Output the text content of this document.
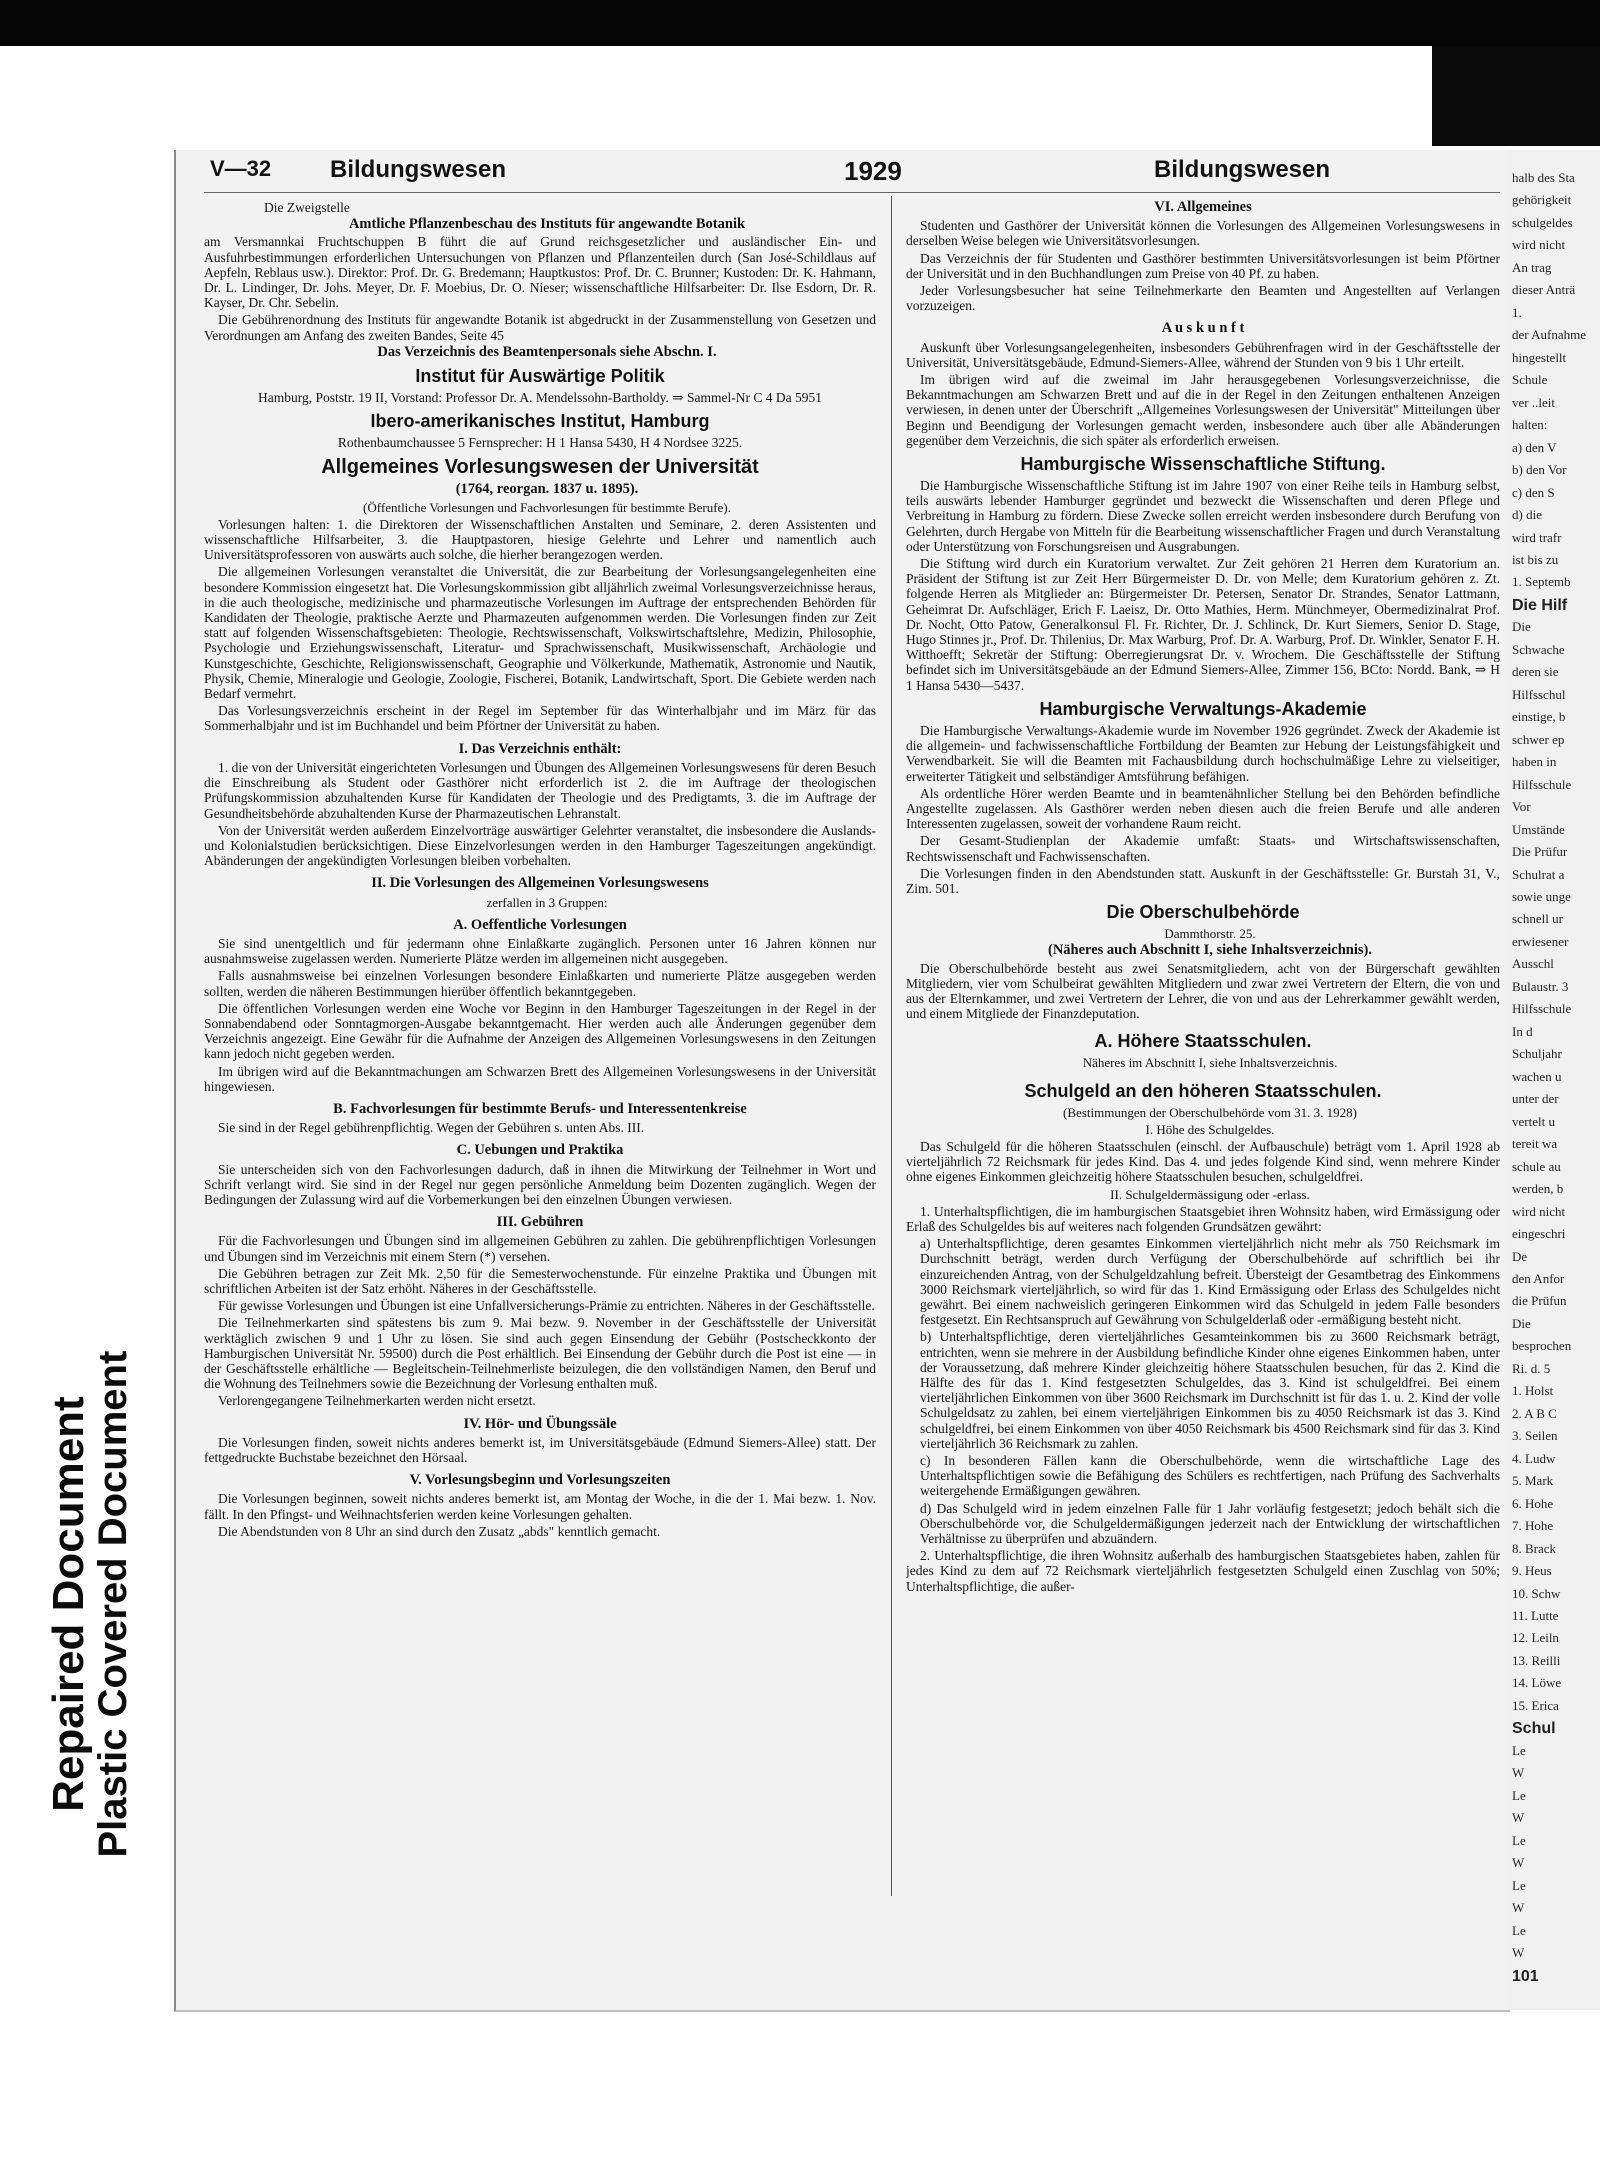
Repaired Document
Plastic Covered Document
V—32 Bildungswesen	1929	Bildungswesen

Die Zweigstelle

Amtliche Pflanzenbeschau des Instituts für angewandte Botanik

am Versmannkai Fruchtschuppen B führt die auf Grund reichsgesetzlicher und ausländischer Ein- und Ausfuhrbestimmungen erforderlichen Untersuchungen von Pflanzen und Pflanzenteilen durch (San José-Schildlaus auf Aepfeln, Reblaus usw.). Direktor: Prof. Dr. G. Bredemann; Hauptkustos: Prof. Dr. C. Brunner; Kustoden: Dr. K. Hahmann, Dr. L. Lindinger, Dr. Johs. Meyer, Dr. F. Moebius, Dr. O. Nieser; wissenschaftliche Hilfsarbeiter: Dr. Ilse Esdorn, Dr. R. Kayser, Dr. Chr. Sebelin.

Die Gebührenordnung des Instituts für angewandte Botanik ist abgedruckt in der Zusammenstellung von Gesetzen und Verordnungen am Anfang des zweiten Bandes, Seite 45

Das Verzeichnis des Beamtenpersonals siehe Abschn. I.

Institut für Auswärtige Politik

Hamburg, Poststr. 19 II, Vorstand: Professor Dr. A. Mendelssohn-Bartholdy. ⇒ Sammel-Nr C 4 Da 5951

Ibero-amerikanisches Institut, Hamburg

Rothenbaumchaussee 5 Fernsprecher: H 1 Hansa 5430, H 4 Nordsee 3225.

Allgemeines Vorlesungswesen der Universität

(1764, reorgan. 1837 u. 1895).

(Öffentliche Vorlesungen und Fachvorlesungen für bestimmte Berufe).

Vorlesungen halten: 1. die Direktoren der Wissenschaftlichen Anstalten und Seminare, 2. deren Assistenten und wissenschaftliche Hilfsarbeiter, 3. die Hauptpastoren, hiesige Gelehrte und Lehrer und namentlich auch Universitätsprofessoren von auswärts auch solche, die hierher berangezogen werden.

Die allgemeinen Vorlesungen veranstaltet die Universität, die zur Bearbeitung der Vorlesungsangelegenheiten eine besondere Kommission eingesetzt hat. Die Vorlesungskommission gibt alljährlich zweimal Vorlesungsverzeichnisse heraus, in die auch theologische, medizinische und pharmazeutische Vorlesungen im Auftrage der entsprechenden Behörden für Kandidaten der Theologie, praktische Aerzte und Pharmazeuten aufgenommen werden. Die Vorlesungen finden zur Zeit statt auf folgenden Wissenschaftsgebieten: Theologie, Rechtswissenschaft, Volkswirtschaftslehre, Medizin, Philosophie, Psychologie und Erziehungswissenschaft, Literatur- und Sprachwissenschaft, Musikwissenschaft, Archäologie und Kunstgeschichte, Geschichte, Religionswissenschaft, Geographie und Völkerkunde, Mathematik, Astronomie und Nautik, Physik, Chemie, Mineralogie und Geologie, Zoologie, Fischerei, Botanik, Landwirtschaft, Sport. Die Gebiete werden nach Bedarf vermehrt.

Das Vorlesungsverzeichnis erscheint in der Regel im September für das Winterhalbjahr und im März für das Sommerhalbjahr und ist im Buchhandel und beim Pförtner der Universität zu haben.

I. Das Verzeichnis enthält:

1. die von der Universität eingerichteten Vorlesungen und Übungen des Allgemeinen Vorlesungswesens für deren Besuch die Einschreibung als Student oder Gasthörer nicht erforderlich ist 2. die im Auftrage der theologischen Prüfungskommission abzuhaltenden Kurse für Kandidaten der Theologie und des Predigtamts, 3. die im Auftrage der Gesundheitsbehörde abzuhaltenden Kurse der Pharmazeutischen Lehranstalt.

Von der Universität werden außerdem Einzelvorträge auswärtiger Gelehrter veranstaltet, die insbesondere die Auslands- und Kolonialstudien berücksichtigen. Diese Einzelvorlesungen werden in den Hamburger Tageszeitungen angekündigt. Abänderungen der angekündigten Vorlesungen bleiben vorbehalten.

II. Die Vorlesungen des Allgemeinen Vorlesungswesens

zerfallen in 3 Gruppen:

A. Oeffentliche Vorlesungen

Sie sind unentgeltlich und für jedermann ohne Einlaßkarte zugänglich. Personen unter 16 Jahren können nur ausnahmsweise zugelassen werden. Numerierte Plätze werden im allgemeinen nicht ausgegeben.

Falls ausnahmsweise bei einzelnen Vorlesungen besondere Einlaßkarten und numerierte Plätze ausgegeben werden sollten, werden die näheren Bestimmungen hierüber öffentlich bekanntgegeben.

Die öffentlichen Vorlesungen werden eine Woche vor Beginn in den Hamburger Tageszeitungen in der Regel in der Sonnabendabend oder Sonntagmorgen-Ausgabe bekanntgemacht. Hier werden auch alle Änderungen gegenüber dem Verzeichnis angezeigt. Eine Gewähr für die Aufnahme der Anzeigen des Allgemeinen Vorlesungswesens in den Zeitungen kann jedoch nicht gegeben werden.

Im übrigen wird auf die Bekanntmachungen am Schwarzen Brett des Allgemeinen Vorlesungswesens in der Universität hingewiesen.

B. Fachvorlesungen für bestimmte Berufs- und Interessentenkreise

Sie sind in der Regel gebührenpflichtig. Wegen der Gebühren s. unten Abs. III.

C. Uebungen und Praktika

Sie unterscheiden sich von den Fachvorlesungen dadurch, daß in ihnen die Mitwirkung der Teilnehmer in Wort und Schrift verlangt wird. Sie sind in der Regel nur gegen persönliche Anmeldung beim Dozenten zugänglich. Wegen der Bedingungen der Zulassung wird auf die Vorbemerkungen bei den einzelnen Übungen verwiesen.

III. Gebühren

Für die Fachvorlesungen und Übungen sind im allgemeinen Gebühren zu zahlen. Die gebührenpflichtigen Vorlesungen und Übungen sind im Verzeichnis mit einem Stern (*) versehen.

Die Gebühren betragen zur Zeit Mk. 2,50 für die Semesterwochenstunde. Für einzelne Praktika und Übungen mit schriftlichen Arbeiten ist der Satz erhöht. Näheres in der Geschäftsstelle.

Für gewisse Vorlesungen und Übungen ist eine Unfallversicherungs-Prämie zu entrichten. Näheres in der Geschäftsstelle.

Die Teilnehmerkarten sind spätestens bis zum 9. Mai bezw. 9. November in der Geschäftsstelle der Universität werktäglich zwischen 9 und 1 Uhr zu lösen. Sie sind auch gegen Einsendung der Gebühr (Postscheckkonto der Hamburgischen Universität Nr. 59500) durch die Post erhältlich. Bei Einsendung der Gebühr durch die Post ist eine — in der Geschäftsstelle erhältliche — Begleitschein-Teilnehmerliste beizulegen, die den vollständigen Namen, den Beruf und die Wohnung des Teilnehmers sowie die Bezeichnung der Vorlesung enthalten muß.

Verlorengegangene Teilnehmerkarten werden nicht ersetzt.

IV. Hör- und Übungssäle

Die Vorlesungen finden, soweit nichts anderes bemerkt ist, im Universitätsgebäude (Edmund Siemers-Allee) statt. Der fettgedruckte Buchstabe bezeichnet den Hörsaal.

V. Vorlesungsbeginn und Vorlesungszeiten

Die Vorlesungen beginnen, soweit nichts anderes bemerkt ist, am Montag der Woche, in die der 1. Mai bezw. 1. Nov. fällt. In den Pfingst- und Weihnachtsferien werden keine Vorlesungen gehalten.

Die Abendstunden von 8 Uhr an sind durch den Zusatz „abds" kenntlich gemacht.

VI. Allgemeines

Studenten und Gasthörer der Universität können die Vorlesungen des Allgemeinen Vorlesungswesens in derselben Weise belegen wie Universitätsvorlesungen.

Das Verzeichnis der für Studenten und Gasthörer bestimmten Universitätsvorlesungen ist beim Pförtner der Universität und in den Buchhandlungen zum Preise von 40 Pf. zu haben.

Jeder Vorlesungsbesucher hat seine Teilnehmerkarte den Beamten und Angestellten auf Verlangen vorzuzeigen.

A u s k u n f t

Auskunft über Vorlesungsangelegenheiten, insbesonders Gebührenfragen wird in der Geschäftsstelle der Universität, Universitätsgebäude, Edmund-Siemers-Allee, während der Stunden von 9 bis 1 Uhr erteilt.

Im übrigen wird auf die zweimal im Jahr herausgegebenen Vorlesungsverzeichnisse, die Bekanntmachungen am Schwarzen Brett und auf die in der Regel in den Zeitungen enthaltenen Anzeigen verwiesen, in denen unter der Überschrift „Allgemeines Vorlesungswesen der Universität" Mitteilungen über Beginn und Beendigung der Vorlesungen gemacht werden, insbesondere auch über alle Abänderungen gegenüber dem Verzeichnis, die sich später als erforderlich erweisen.

Hamburgische Wissenschaftliche Stiftung.

Die Hamburgische Wissenschaftliche Stiftung ist im Jahre 1907 von einer Reihe teils in Hamburg selbst, teils auswärts lebender Hamburger gegründet und bezweckt die Wissenschaften und deren Pflege und Verbreitung in Hamburg zu fördern. Diese Zwecke sollen erreicht werden insbesondere durch Berufung von Gelehrten, durch Hergabe von Mitteln für die Bearbeitung wissenschaftlicher Fragen und durch Veranstaltung oder Unterstützung von Forschungsreisen und Ausgrabungen.

Die Stiftung wird durch ein Kuratorium verwaltet. Zur Zeit gehören 21 Herren dem Kuratorium an. Präsident der Stiftung ist zur Zeit Herr Bürgermeister D. Dr. von Melle; dem Kuratorium gehören z. Zt. folgende Herren als Mitglieder an: Bürgermeister Dr. Petersen, Senator Dr. Strandes, Senator Lattmann, Geheimrat Dr. Aufschläger, Erich F. Laeisz, Dr. Otto Mathies, Herm. Münchmeyer, Obermedizinalrat Prof. Dr. Nocht, Otto Patow, Generalkonsul Fl. Fr. Richter, Dr. J. Schlinck, Dr. Kurt Siemers, Senior D. Stage, Hugo Stinnes jr., Prof. Dr. Thilenius, Dr. Max Warburg, Prof. Dr. A. Warburg, Prof. Dr. Winkler, Senator F. H. Witthoefft; Sekretär der Stiftung: Oberregierungsrat Dr. v. Wrochem. Die Geschäftsstelle der Stiftung befindet sich im Universitätsgebäude an der Edmund Siemers-Allee, Zimmer 156, BCto: Nordd. Bank, ⇒ H 1 Hansa 5430—5437.

Hamburgische Verwaltungs-Akademie

Die Hamburgische Verwaltungs-Akademie wurde im November 1926 gegründet. Zweck der Akademie ist die allgemein- und fachwissenschaftliche Fortbildung der Beamten zur Hebung der Leistungsfähigkeit und Verwendbarkeit. Sie will die Beamten mit Fachausbildung durch hochschulmäßige Lehre zu vielseitiger, erweiterter Tätigkeit und selbständiger Amtsführung befähigen.

Als ordentliche Hörer werden Beamte und in beamtenähnlicher Stellung bei den Behörden befindliche Angestellte zugelassen. Als Gasthörer werden neben diesen auch die freien Berufe und alle anderen Interessenten zugelassen, soweit der vorhandene Raum reicht.

Der Gesamt-Studienplan der Akademie umfaßt: Staats- und Wirtschaftswissenschaften, Rechtswissenschaft und Fachwissenschaften.

Die Vorlesungen finden in den Abendstunden statt. Auskunft in der Geschäftsstelle: Gr. Burstah 31, V., Zim. 501.

Die Oberschulbehörde

Dammthorstr. 25.

(Näheres auch Abschnitt I, siehe Inhaltsverzeichnis).

Die Oberschulbehörde besteht aus zwei Senatsmitgliedern, acht von der Bürgerschaft gewählten Mitgliedern, vier vom Schulbeirat gewählten Mitgliedern und zwar zwei Vertretern der Eltern, die von und aus der Elternkammer, und zwei Vertretern der Lehrer, die von und aus der Lehrerkammer gewählt werden, und einem Mitgliede der Finanzdeputation.

A. Höhere Staatsschulen.

Näheres im Abschnitt I, siehe Inhaltsverzeichnis.

Schulgeld an den höheren Staatsschulen.

(Bestimmungen der Oberschulbehörde vom 31. 3. 1928)

I. Höhe des Schulgeldes.

Das Schulgeld für die höheren Staatsschulen (einschl. der Aufbauschule) beträgt vom 1. April 1928 ab vierteljährlich 72 Reichsmark für jedes Kind. Das 4. und jedes folgende Kind sind, wenn mehrere Kinder ohne eigenes Einkommen gleichzeitig höhere Staatsschulen besuchen, schulgeldfrei.

II. Schulgeldermässigung oder -erlass.

1. Unterhaltspflichtigen, die im hamburgischen Staatsgebiet ihren Wohnsitz haben, wird Ermässigung oder Erlaß des Schulgeldes bis auf weiteres nach folgenden Grundsätzen gewährt:

a) Unterhaltspflichtige, deren gesamtes Einkommen vierteljährlich nicht mehr als 750 Reichsmark im Durchschnitt beträgt, werden durch Verfügung der Oberschulbehörde auf schriftlich bei ihr einzureichenden Antrag, von der Schulgeldzahlung befreit. Übersteigt der Gesamtbetrag des Einkommens 3000 Reichsmark vierteljährlich, so wird für das 1. Kind Ermässigung oder Erlass des Schulgeldes nicht gewährt. Bei einem nachweislich geringeren Einkommen wird das Schulgeld in jedem Falle besonders festgesetzt. Ein Rechtsanspruch auf Gewährung von Schulgelderlaß oder -ermäßigung besteht nicht.

b) Unterhaltspflichtige, deren vierteljährliches Gesamteinkommen bis zu 3600 Reichsmark beträgt, entrichten, wenn sie mehrere in der Ausbildung befindliche Kinder ohne eigenes Einkommen haben, unter der Voraussetzung, daß mehrere Kinder gleichzeitig höhere Staatsschulen besuchen, für das 2. Kind die Hälfte des für das 1. Kind festgesetzten Schulgeldes, das 3. Kind ist schulgeldfrei. Bei einem vierteljährlichen Einkommen von über 3600 Reichsmark im Durchschnitt ist für das 1. u. 2. Kind der volle Schulgeldsatz zu zahlen, bei einem vierteljährigen Einkommen bis zu 4050 Reichsmark ist das 3. Kind schulgeldfrei, bei einem Einkommen von über 4050 Reichsmark bis 4500 Reichsmark sind für das 3. Kind vierteljährlich 36 Reichsmark zu zahlen.

c) In besonderen Fällen kann die Oberschulbehörde, wenn die wirtschaftliche Lage des Unterhaltspflichtigen sowie die Befähigung des Schülers es rechtfertigen, nach Prüfung des Sachverhalts weitergehende Ermäßigungen gewähren.

d) Das Schulgeld wird in jedem einzelnen Falle für 1 Jahr vorläufig festgesetzt; jedoch behält sich die Oberschulbehörde vor, die Schulgeldermäßigungen jederzeit nach der Entwicklung der wirtschaftlichen Verhältnisse zu überprüfen und abzuändern.

2. Unterhaltspflichtige, die ihren Wohnsitz außerhalb des hamburgischen Staatsgebietes haben, zahlen für jedes Kind zu dem auf 72 Reichsmark vierteljährlich festgesetzten Schulgeld einen Zuschlag von 50%; Unterhaltspflichtige, die außer-

halb des Sta
gehörigkeit
schulgeldes
wird nicht
An trag
dieser Anträ
1.
der Aufnahme
hingestellt
Schule
ver ..leit
halten:
a) den V
b) den Vor
c) den S
d) die
wird trafr
ist bis zu
1. Septemb
Die Hilf
Die
Schwache
deren sie
Hilfsschul
einstige, b
schwer ep
haben in
Hilfsschule
Vor
Umstände
Die Prüfur
Schulrat a
sowie unge
schnell ur
erwiesener
Ausschl
Bulaustr. 3
Hilfsschule
In d
Schuljahr
wachen u
unter der
vertelt u
tereit wa
schule au
werden, b
wird nicht
eingeschri
De
den Anfor
die Prüfun
Die
besprochen
Ri. d. 5
1. Holst
2. A B C
3. Seilen
4. Ludw
5. Mark
6. Hohe
7. Hohe
8. Brack
9. Heus
10. Schw
11. Lutte
12. Leiln
13. Reilli
14. Löwe
15. Erica
Schul
Le
W
Le
W
Le
W
Le
W
Le
W
101
